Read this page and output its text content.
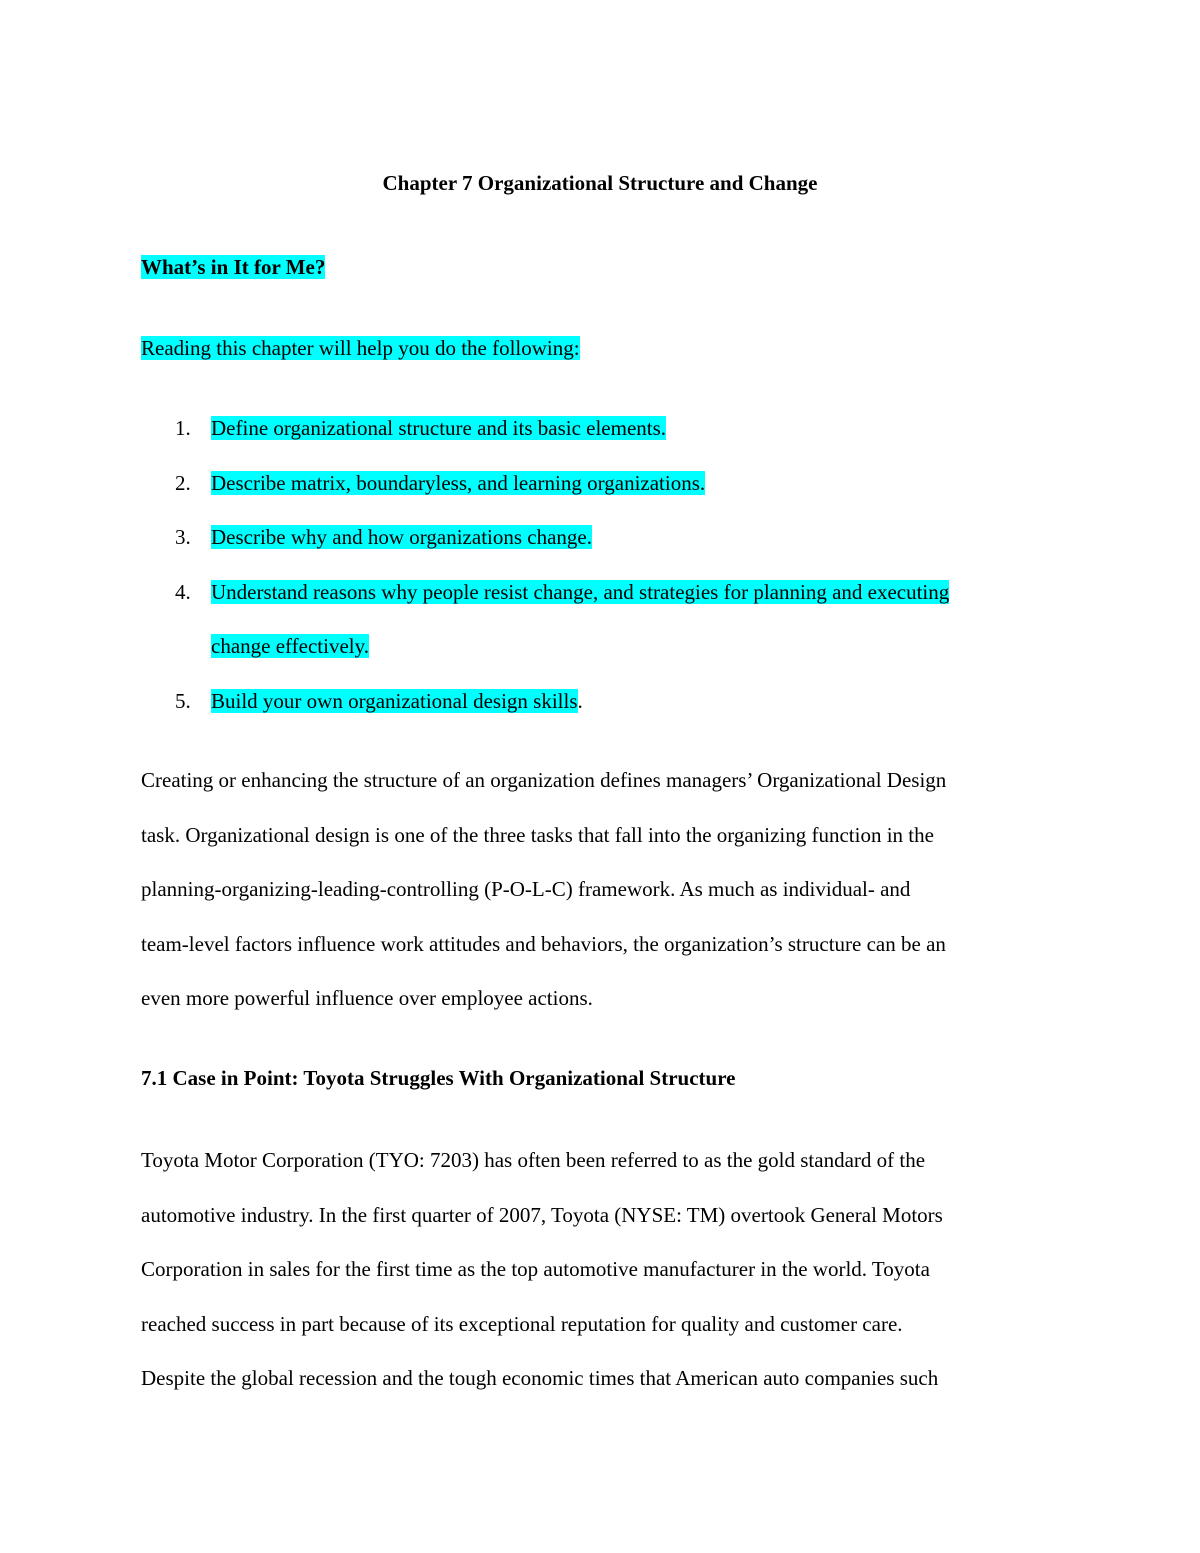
Chapter 7 Organizational Structure and Change
What’s in It for Me?
Reading this chapter will help you do the following:
1. Define organizational structure and its basic elements.
2. Describe matrix, boundaryless, and learning organizations.
3. Describe why and how organizations change.
4. Understand reasons why people resist change, and strategies for planning and executing
change effectively.
5. Build your own organizational design skills.
Creating or enhancing the structure of an organization defines managers’ Organizational Design
task. Organizational design is one of the three tasks that fall into the organizing function in the
planning-organizing-leading-controlling (P-O-L-C) framework. As much as individual- and
team-level factors influence work attitudes and behaviors, the organization’s structure can be an
even more powerful influence over employee actions.
7.1 Case in Point: Toyota Struggles With Organizational Structure
Toyota Motor Corporation (TYO: 7203) has often been referred to as the gold standard of the
automotive industry. In the first quarter of 2007, Toyota (NYSE: TM) overtook General Motors
Corporation in sales for the first time as the top automotive manufacturer in the world. Toyota
reached success in part because of its exceptional reputation for quality and customer care.
Despite the global recession and the tough economic times that American auto companies such
